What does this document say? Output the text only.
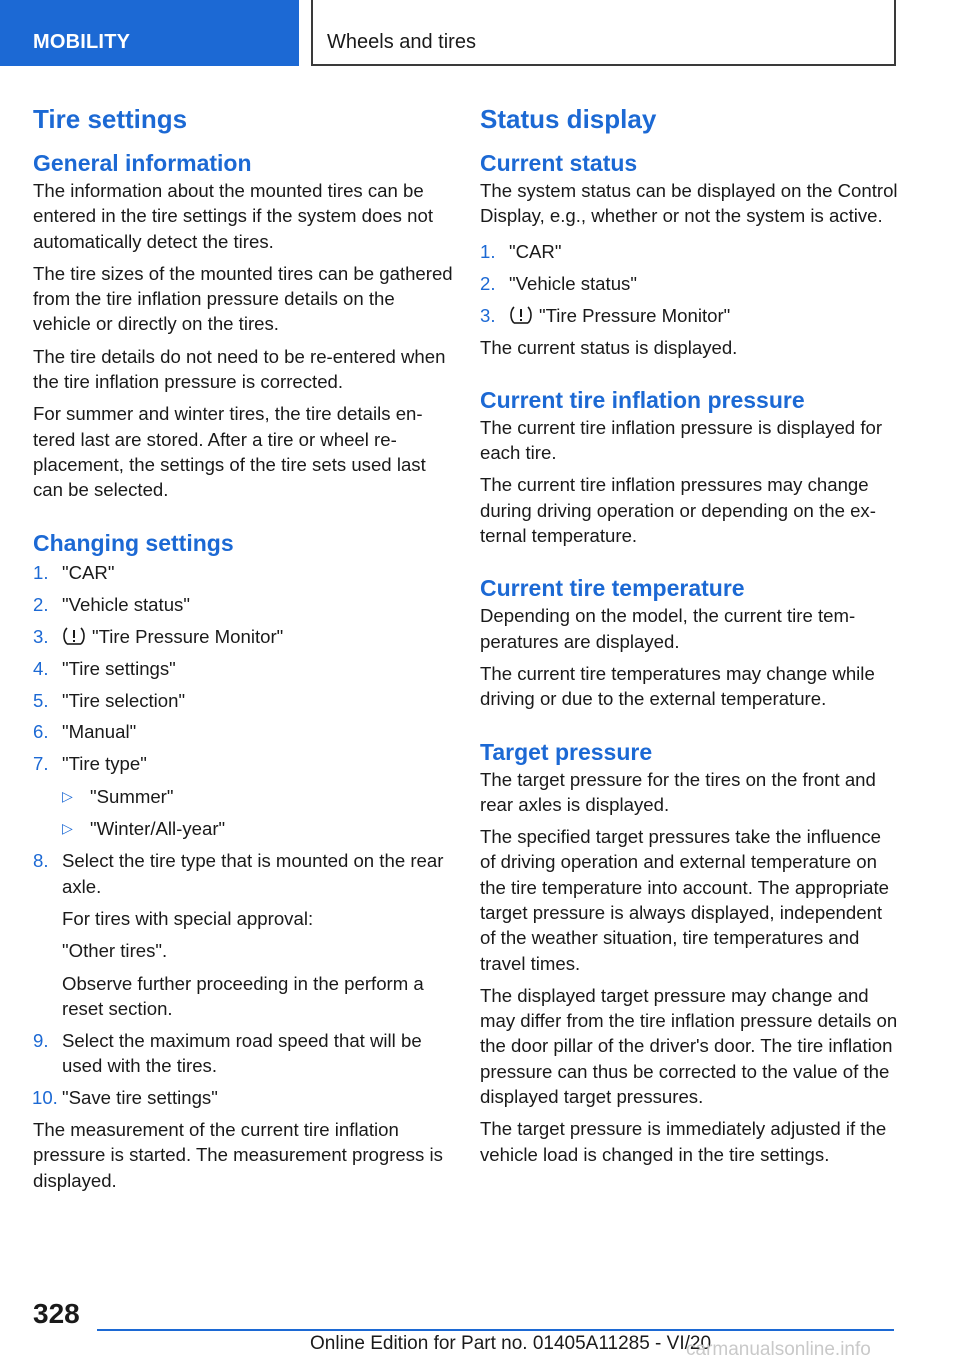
MOBILITY	Wheels and tires
Tire settings
General information

The information about the mounted tires can be entered in the tire settings if the system does not automatically detect the tires.

The tire sizes of the mounted tires can be gathered from the tire inflation pressure details on the vehicle or directly on the tires.

The tire details do not need to be re‑entered when the tire inflation pressure is corrected.

For summer and winter tires, the tire details entered last are stored. After a tire or wheel replacement, the settings of the tire sets used last can be selected.

Changing settings
1. "CAR"
2. "Vehicle status"
3. "Tire Pressure Monitor"
4. "Tire settings"
5. "Tire selection"
6. "Manual"
7. "Tire type"
▷ "Summer"
▷ "Winter/All-year"
8. Select the tire type that is mounted on the rear axle.
For tires with special approval:
"Other tires".
Observe further proceeding in the perform a reset section.
9. Select the maximum road speed that will be used with the tires.
10. "Save tire settings"

The measurement of the current tire inflation pressure is started. The measurement progress is displayed.

Status display
Current status

The system status can be displayed on the Control Display, e.g., whether or not the system is active.

1. "CAR"
2. "Vehicle status"
3. "Tire Pressure Monitor"

The current status is displayed.

Current tire inflation pressure

The current tire inflation pressure is displayed for each tire.

The current tire inflation pressures may change during driving operation or depending on the external temperature.

Current tire temperature

Depending on the model, the current tire temperatures are displayed.

The current tire temperatures may change while driving or due to the external temperature.

Target pressure

The target pressure for the tires on the front and rear axles is displayed.

The specified target pressures take the influence of driving operation and external temperature on the tire temperature into account. The appropriate target pressure is always displayed, independent of the weather situation, tire temperatures and travel times.

The displayed target pressure may change and may differ from the tire inflation pressure details on the door pillar of the driver's door. The tire inflation pressure can thus be corrected to the value of the displayed target pressures.

The target pressure is immediately adjusted if the vehicle load is changed in the tire settings.

328
Online Edition for Part no. 01405A11285 - VI/20
carmanualsonline.info
